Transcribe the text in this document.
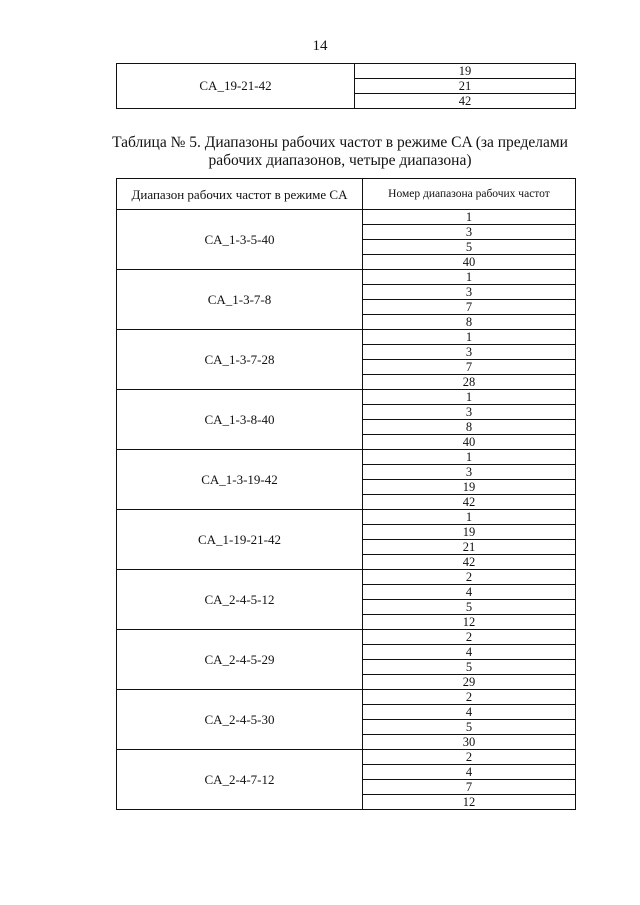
14
CA_19-21-42	19
21
42
Таблица № 5. Диапазоны рабочих частот в режиме CA (за пределами рабочих диапазонов, четыре диапазона)
Диапазон рабочих частот в режиме CA	Номер диапазона рабочих частот
CA_1-3-5-40	1
	3
	5
	40
CA_1-3-7-8	1
	3
	7
	8
CA_1-3-7-28	1
	3
	7
	28
CA_1-3-8-40	1
	3
	8
	40
CA_1-3-19-42	1
	3
	19
	42
CA_1-19-21-42	1
	19
	21
	42
CA_2-4-5-12	2
	4
	5
	12
CA_2-4-5-29	2
	4
	5
	29
CA_2-4-5-30	2
	4
	5
	30
CA_2-4-7-12	2
	4
	7
	12
